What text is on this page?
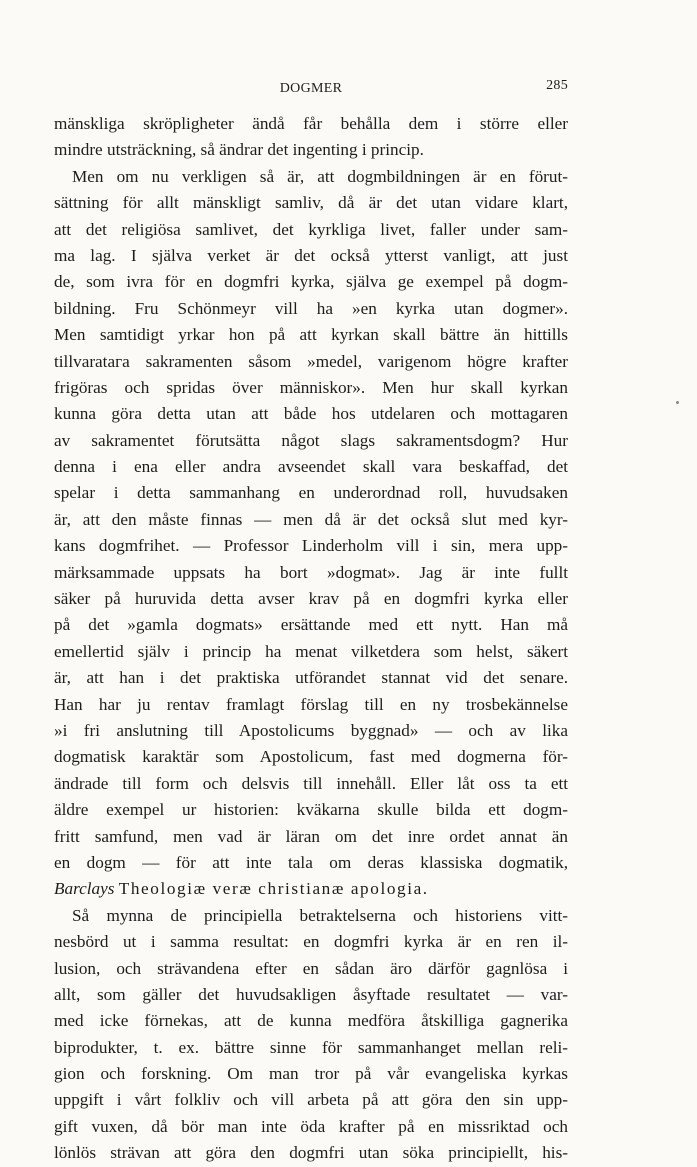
DOGMER	285
mänskliga skröpligheter ändå får behålla dem i större eller
mindre utsträckning, så ändrar det ingenting i princip.
Men om nu verkligen så är, att dogmbildningen är en förut-
sättning för allt mänskligt samliv, då är det utan vidare klart,
att det religiösa samlivet, det kyrkliga livet, faller under sam-
ma lag. I själva verket är det också ytterst vanligt, att just
de, som ivra för en dogmfri kyrka, själva ge exempel på dogm-
bildning. Fru Schönmeyr vill ha »en kyrka utan dogmer».
Men samtidigt yrkar hon på att kyrkan skall bättre än hittills
tillvaratага sakramenten såsom »medel, varigenom högre krafter
frigöras och spridas över människor». Men hur skall kyrkan
kunna göra detta utan att både hos utdelaren och mottagaren
av sakramentet förutsätta något slags sakramentsdogm? Hur
denna i ena eller andra avseendet skall vara beskaffad, det
spelar i detta sammanhang en underordnad roll, huvudsaken
är, att den måste finnas — men då är det också slut med kyr-
kans dogmfrihet. — Professor Linderholm vill i sin, mera upp-
märksammade uppsats ha bort »dogmat». Jag är inte fullt
säker på huruvida detta avser krav på en dogmfri kyrka eller
på det »gamla dogmats» ersättande med ett nytt. Han må
emellertid själv i princip ha menat vilketdera som helst, säkert
är, att han i det praktiska utförandet stannat vid det senare.
Han har ju rentav framlagt förslag till en ny trosbekännelse
»i fri anslutning till Apostolicums byggnad» — och av lika
dogmatisk karaktär som Apostolicum, fast med dogmerna för-
ändrade till form och delsvis till innehåll. Eller låt oss ta ett
äldre exempel ur historien: kväkarna skulle bilda ett dogm-
fritt samfund, men vad är läran om det inre ordet annat än
en dogm — för att inte tala om deras klassiska dogmatik,
Barclays Theologiæ veræ christianæ apologia.
Så mynna de principiella betraktelserna och historiens vitt-
nesbörd ut i samma resultat: en dogmfri kyrka är en ren il-
lusion, och strävandena efter en sådan äro därför gagnlösa i
allt, som gäller det huvudsakligen åsyftade resultatet — var-
med icke förnekas, att de kunna medföra åtskilliga gagnerika
biprodukter, t. ex. bättre sinne för sammanhanget mellan reli-
gion och forskning. Om man tror på vår evangeliska kyrkas
uppgift i vårt folkliv och vill arbeta på att göra den sin upp-
gift vuxen, då bör man inte öda krafter på en missriktad och
lönlös strävan att göra den dogmfri utan söka principiellt, his-
